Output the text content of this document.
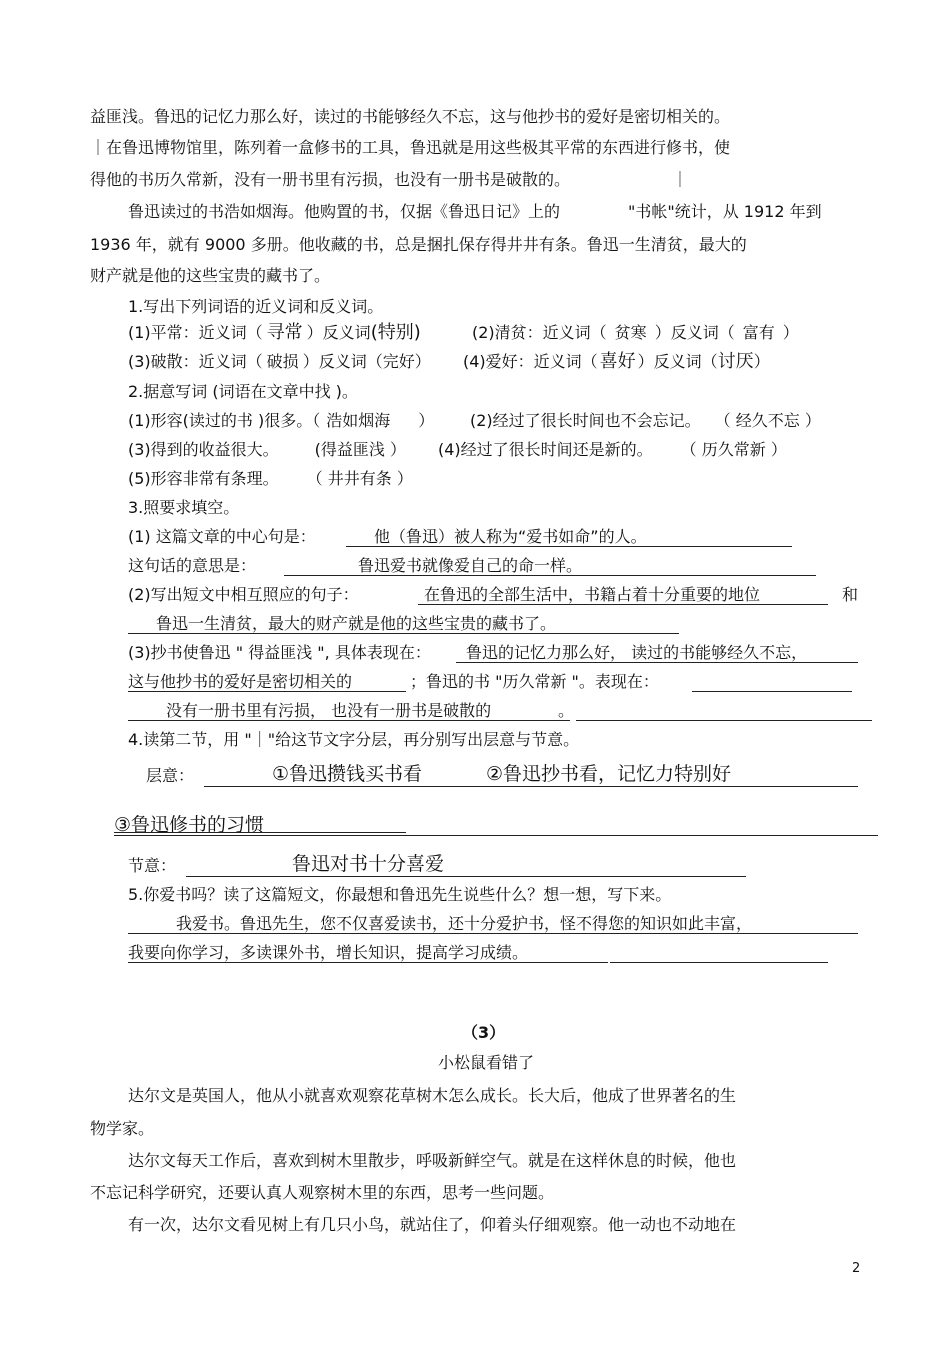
益匪浅。鲁迅的记忆力那么好，读过的书能够经久不忘，这与他抄书的爱好是密切相关的。
｜在鲁迅博物馆里，陈列着一盒修书的工具，鲁迅就是用这些极其平常的东西进行修书，使
得他的书历久常新，没有一册书里有污损，也没有一册书是破散的。	｜
鲁迅读过的书浩如烟海。他购置的书，仅据《鲁迅日记》上的	"书帐"统计，从 1912 年到
1936 年，就有 9000 多册。他收藏的书，总是捆扎保存得井井有条。鲁迅一生清贫，最大的
财产就是他的这些宝贵的藏书了。
1.写出下列词语的近义词和反义词。
(1)平常：近义词（ 寻常 ）反义词(特别)	(2)清贫：近义词（ 贫寒 ）反义词（ 富有 ）
(3)破散：近义词（ 破损 ）反义词（完好） (4)爱好：近义词（ 喜好 ）反义词（讨厌）
2.据意写词 (词语在文章中找 )。
(1)形容(读过的书 )很多。（ 浩如烟海 ） (2)经过了很长时间也不会忘记。 （ 经久不忘 ）
(3)得到的收益很大。 (得益匪浅 ） (4)经过了很长时间还是新的。 （ 历久常新 ）
(5)形容非常有条理。 （ 井井有条 ）
3.照要求填空。
(1) 这篇文章的中心句是：	他（鲁迅）被人称为“爱书如命”的人。
这句话的意思是：	鲁迅爱书就像爱自己的命一样。
(2)写出短文中相互照应的句子：	在鲁迅的全部生活中，书籍占着十分重要的地位	和
鲁迅一生清贫，最大的财产就是他的这些宝贵的藏书了。
(3)抄书使鲁迅 " 得益匪浅 ", 具体表现在： 鲁迅的记忆力那么好， 读过的书能够经久不忘，
这与他抄书的爱好是密切相关的	；鲁迅的书 "历久常新 "。表现在：
没有一册书里有污损， 也没有一册书是破散的	。
4.读第二节，用 "｜"给这节文字分层，再分别写出层意与节意。
层意：	①鲁迅攒钱买书看	②鲁迅抄书看，记忆力特别好
③鲁迅修书的习惯
节意：	鲁迅对书十分喜爱
5.你爱书吗？读了这篇短文，你最想和鲁迅先生说些什么？想一想，写下来。
我爱书。鲁迅先生，您不仅喜爱读书，还十分爱护书，怪不得您的知识如此丰富，
我要向你学习，多读课外书，增长知识，提高学习成绩。
（3）
小松鼠看错了
达尔文是英国人，他从小就喜欢观察花草树木怎么成长。长大后，他成了世界著名的生
物学家。
达尔文每天工作后，喜欢到树木里散步，呼吸新鲜空气。就是在这样休息的时候，他也
不忘记科学研究，还要认真人观察树木里的东西，思考一些问题。
有一次，达尔文看见树上有几只小鸟，就站住了，仰着头仔细观察。他一动也不动地在
2
